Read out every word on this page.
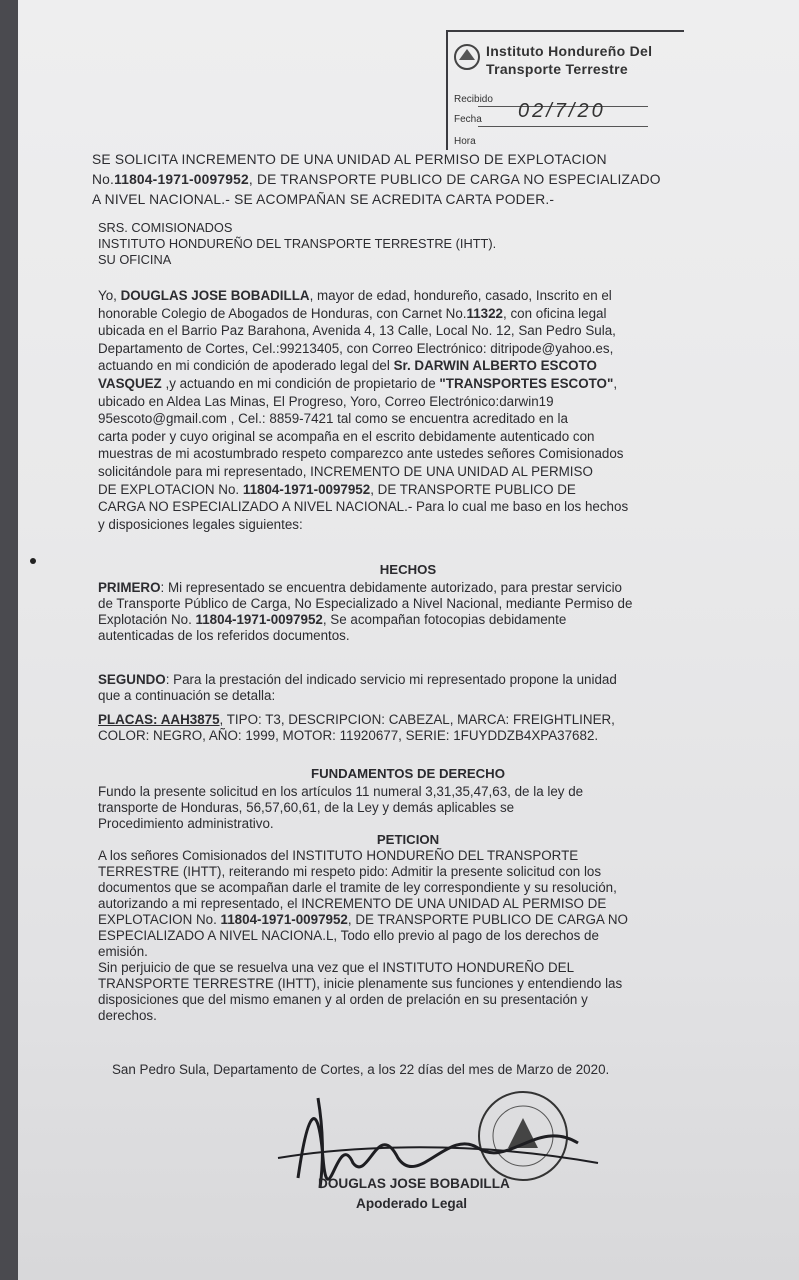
Instituto Hondureño Del Transporte Terrestre
Recibido
Fecha 02/7/20
Hora
SE SOLICITA INCREMENTO DE UNA UNIDAD AL PERMISO DE EXPLOTACION
No.11804-1971-0097952, DE TRANSPORTE PUBLICO DE CARGA NO ESPECIALIZADO
A NIVEL NACIONAL.- SE ACOMPAÑAN SE ACREDITA CARTA PODER.-
SRS. COMISIONADOS
INSTITUTO HONDUREÑO DEL TRANSPORTE TERRESTRE (IHTT).
SU OFICINA
Yo, DOUGLAS JOSE BOBADILLA, mayor de edad, hondureño, casado, Inscrito en el
honorable Colegio de Abogados de Honduras, con Carnet No.11322, con oficina legal
ubicada en el Barrio Paz Barahona, Avenida 4, 13 Calle, Local No. 12, San Pedro Sula,
Departamento de Cortes, Cel.:99213405, con Correo Electrónico: ditripode@yahoo.es,
actuando en mi condición de apoderado legal del Sr. DARWIN ALBERTO ESCOTO
VASQUEZ ,y actuando en mi condición de propietario de "TRANSPORTES ESCOTO",
ubicado en Aldea Las Minas, El Progreso, Yoro, Correo Electrónico:darwin19
95escoto@gmail.com , Cel.: 8859-7421 tal como se encuentra acreditado en la
carta poder y cuyo original se acompaña en el escrito debidamente autenticado con
muestras de mi acostumbrado respeto comparezco ante ustedes señores Comisionados
solicitándole para mi representado, INCREMENTO DE UNA UNIDAD AL PERMISO
DE EXPLOTACION No. 11804-1971-0097952, DE TRANSPORTE PUBLICO DE
CARGA NO ESPECIALIZADO A NIVEL NACIONAL.- Para lo cual me baso en los hechos
y disposiciones legales siguientes:
HECHOS
PRIMERO: Mi representado se encuentra debidamente autorizado, para prestar servicio
de Transporte Público de Carga, No Especializado a Nivel Nacional, mediante Permiso de
Explotación No. 11804-1971-0097952, Se acompañan fotocopias debidamente
autenticadas de los referidos documentos.
SEGUNDO: Para la prestación del indicado servicio mi representado propone la unidad
que a continuación se detalla:
PLACAS: AAH3875, TIPO: T3, DESCRIPCION: CABEZAL, MARCA: FREIGHTLINER,
COLOR: NEGRO, AÑO: 1999, MOTOR: 11920677, SERIE: 1FUYDDZB4XPA37682.
FUNDAMENTOS DE DERECHO
Fundo la presente solicitud en los artículos 11 numeral 3,31,35,47,63, de la ley de
transporte de Honduras, 56,57,60,61, de la Ley y demás aplicables se
Procedimiento administrativo.
PETICION
A los señores Comisionados del INSTITUTO HONDUREÑO DEL TRANSPORTE
TERRESTRE (IHTT), reiterando mi respeto pido: Admitir la presente solicitud con los
documentos que se acompañan darle el tramite de ley correspondiente y su resolución,
autorizando a mi representado, el INCREMENTO DE UNA UNIDAD AL PERMISO DE
EXPLOTACION No. 11804-1971-0097952, DE TRANSPORTE PUBLICO DE CARGA NO
ESPECIALIZADO A NIVEL NACIONA.L, Todo ello previo al pago de los derechos de
emisión.
Sin perjuicio de que se resuelva una vez que el INSTITUTO HONDUREÑO DEL
TRANSPORTE TERRESTRE (IHTT), inicie plenamente sus funciones y entendiendo las
disposiciones que del mismo emanen y al orden de prelación en su presentación y
derechos.
San Pedro Sula, Departamento de Cortes, a los 22 días del mes de Marzo de 2020.
DOUGLAS JOSE BOBADILLA
Apoderado Legal
